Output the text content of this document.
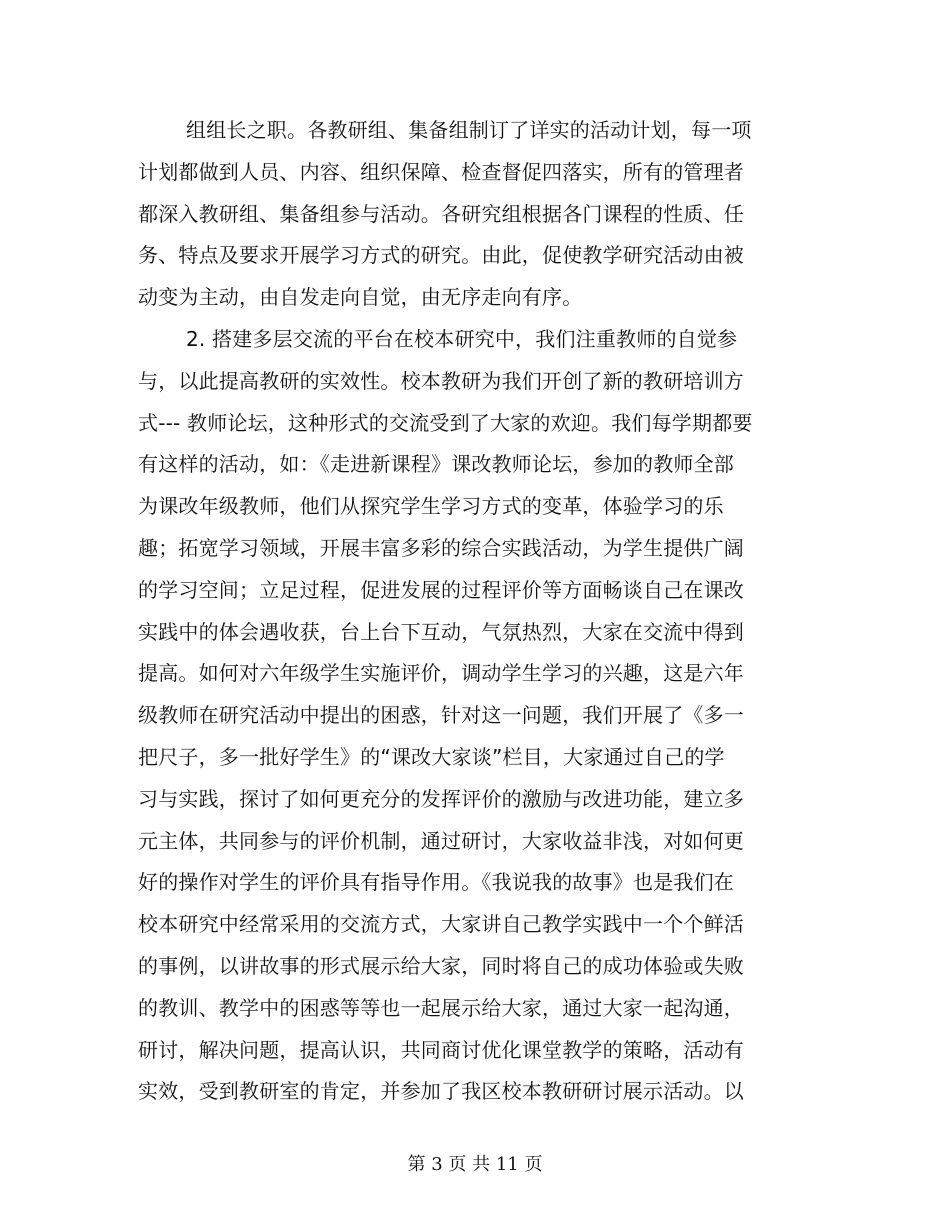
组组长之职。各教研组、集备组制订了详实的活动计划，每一项
计划都做到人员、内容、组织保障、检查督促四落实，所有的管理者
都深入教研组、集备组参与活动。各研究组根据各门课程的性质、任
务、特点及要求开展学习方式的研究。由此，促使教学研究活动由被
动变为主动，由自发走向自觉，由无序走向有序。
2. 搭建多层交流的平台在校本研究中，我们注重教师的自觉参
与，以此提高教研的实效性。校本教研为我们开创了新的教研培训方
式--- 教师论坛，这种形式的交流受到了大家的欢迎。我们每学期都要
有这样的活动，如：《走进新课程》课改教师论坛，参加的教师全部
为课改年级教师，他们从探究学生学习方式的变革，体验学习的乐
趣；拓宽学习领域，开展丰富多彩的综合实践活动，为学生提供广阔
的学习空间；立足过程，促进发展的过程评价等方面畅谈自己在课改
实践中的体会遇收获，台上台下互动，气氛热烈，大家在交流中得到
提高。如何对六年级学生实施评价，调动学生学习的兴趣，这是六年
级教师在研究活动中提出的困惑，针对这一问题，我们开展了《多一
把尺子，多一批好学生》的“课改大家谈”栏目，大家通过自己的学
习与实践，探讨了如何更充分的发挥评价的激励与改进功能，建立多
元主体，共同参与的评价机制，通过研讨，大家收益非浅，对如何更
好的操作对学生的评价具有指导作用。《我说我的故事》也是我们在
校本研究中经常采用的交流方式，大家讲自己教学实践中一个个鲜活
的事例，以讲故事的形式展示给大家，同时将自己的成功体验或失败
的教训、教学中的困惑等等也一起展示给大家，通过大家一起沟通，
研讨，解决问题，提高认识，共同商讨优化课堂教学的策略，活动有
实效，受到教研室的肯定，并参加了我区校本教研研讨展示活动。以
第 3 页 共 11 页
